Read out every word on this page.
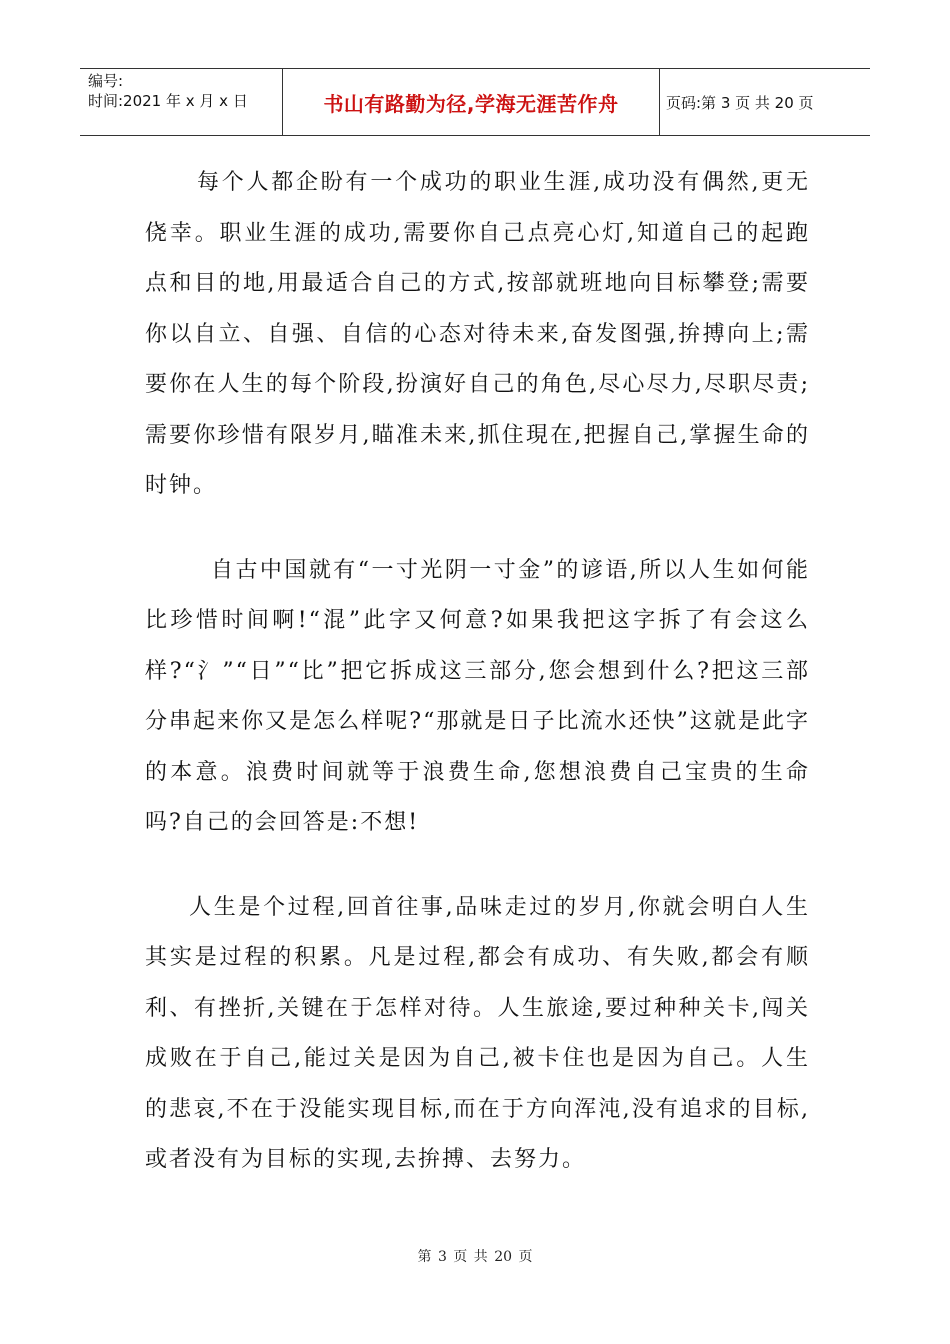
编号:
时间:2021 年 x 月 x 日	书山有路勤为径,学海无涯苦作舟	页码:第 3 页 共 20 页

每个人都企盼有一个成功的职业生涯,成功没有偶然,更无侥幸。职业生涯的成功,需要你自己点亮心灯,知道自己的起跑点和目的地,用最适合自己的方式,按部就班地向目标攀登;需要你以自立、自强、自信的心态对待未来,奋发图强,拚搏向上;需要你在人生的每个阶段,扮演好自己的角色,尽心尽力,尽职尽责;需要你珍惜有限岁月,瞄准未来,抓住現在,把握自己,掌握生命的时钟。

自古中国就有“一寸光阴一寸金”的谚语,所以人生如何能比珍惜时间啊!“混”此字又何意?如果我把这字拆了有会这么样?“氵”“日”“比”把它拆成这三部分,您会想到什么?把这三部分串起来你又是怎么样呢?“那就是日子比流水还快”这就是此字的本意。浪费时间就等于浪费生命,您想浪费自己宝贵的生命吗?自己的会回答是:不想!

人生是个过程,回首往事,品味走过的岁月,你就会明白人生其实是过程的积累。凡是过程,都会有成功、有失败,都会有顺利、有挫折,关键在于怎样对待。人生旅途,要过种种关卡,闯关成败在于自己,能过关是因为自己,被卡住也是因为自己。人生的悲哀,不在于没能实现目标,而在于方向浑沌,没有追求的目标,或者没有为目标的实现,去拚搏、去努力。

第 3 页 共 20 页
